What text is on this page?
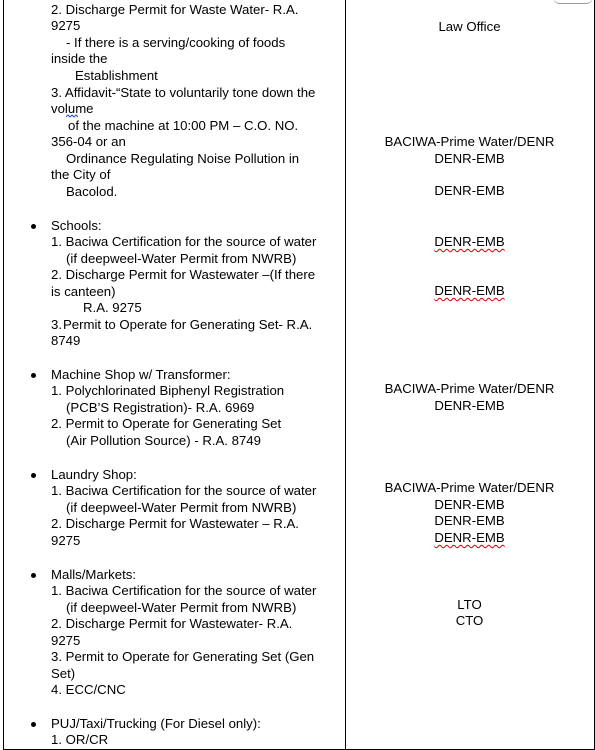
2. Discharge Permit for Waste Water- R.A.
9275
- If there is a serving/cooking of foods
inside the
Establishment
3. Affidavit-“State to voluntarily tone down the
volume
of the machine at 10:00 PM – C.O. NO.
356-04 or an
Ordinance Regulating Noise Pollution in
the City of
Bacolod.
Schools:
1. Baciwa Certification for the source of water
(if deepweel-Water Permit from NWRB)
2. Discharge Permit for Wastewater –(If there
is canteen)
R.A. 9275
3. Permit to Operate for Generating Set- R.A.
8749
Machine Shop w/ Transformer:
1. Polychlorinated Biphenyl Registration
(PCB’S Registration)- R.A. 6969
2. Permit to Operate for Generating Set
(Air Pollution Source) - R.A. 8749
Laundry Shop:
1. Baciwa Certification for the source of water
(if deepweel-Water Permit from NWRB)
2. Discharge Permit for Wastewater – R.A.
9275
Malls/Markets:
1. Baciwa Certification for the source of water
(if deepweel-Water Permit from NWRB)
2. Discharge Permit for Wastewater- R.A.
9275
3. Permit to Operate for Generating Set (Gen
Set)
4. ECC/CNC
PUJ/Taxi/Trucking (For Diesel only):
1. OR/CR
Law Office
BACIWA-Prime Water/DENR
DENR-EMB
DENR-EMB
DENR-EMB
DENR-EMB
BACIWA-Prime Water/DENR
DENR-EMB
BACIWA-Prime Water/DENR
DENR-EMB
DENR-EMB
DENR-EMB
LTO
CTO
